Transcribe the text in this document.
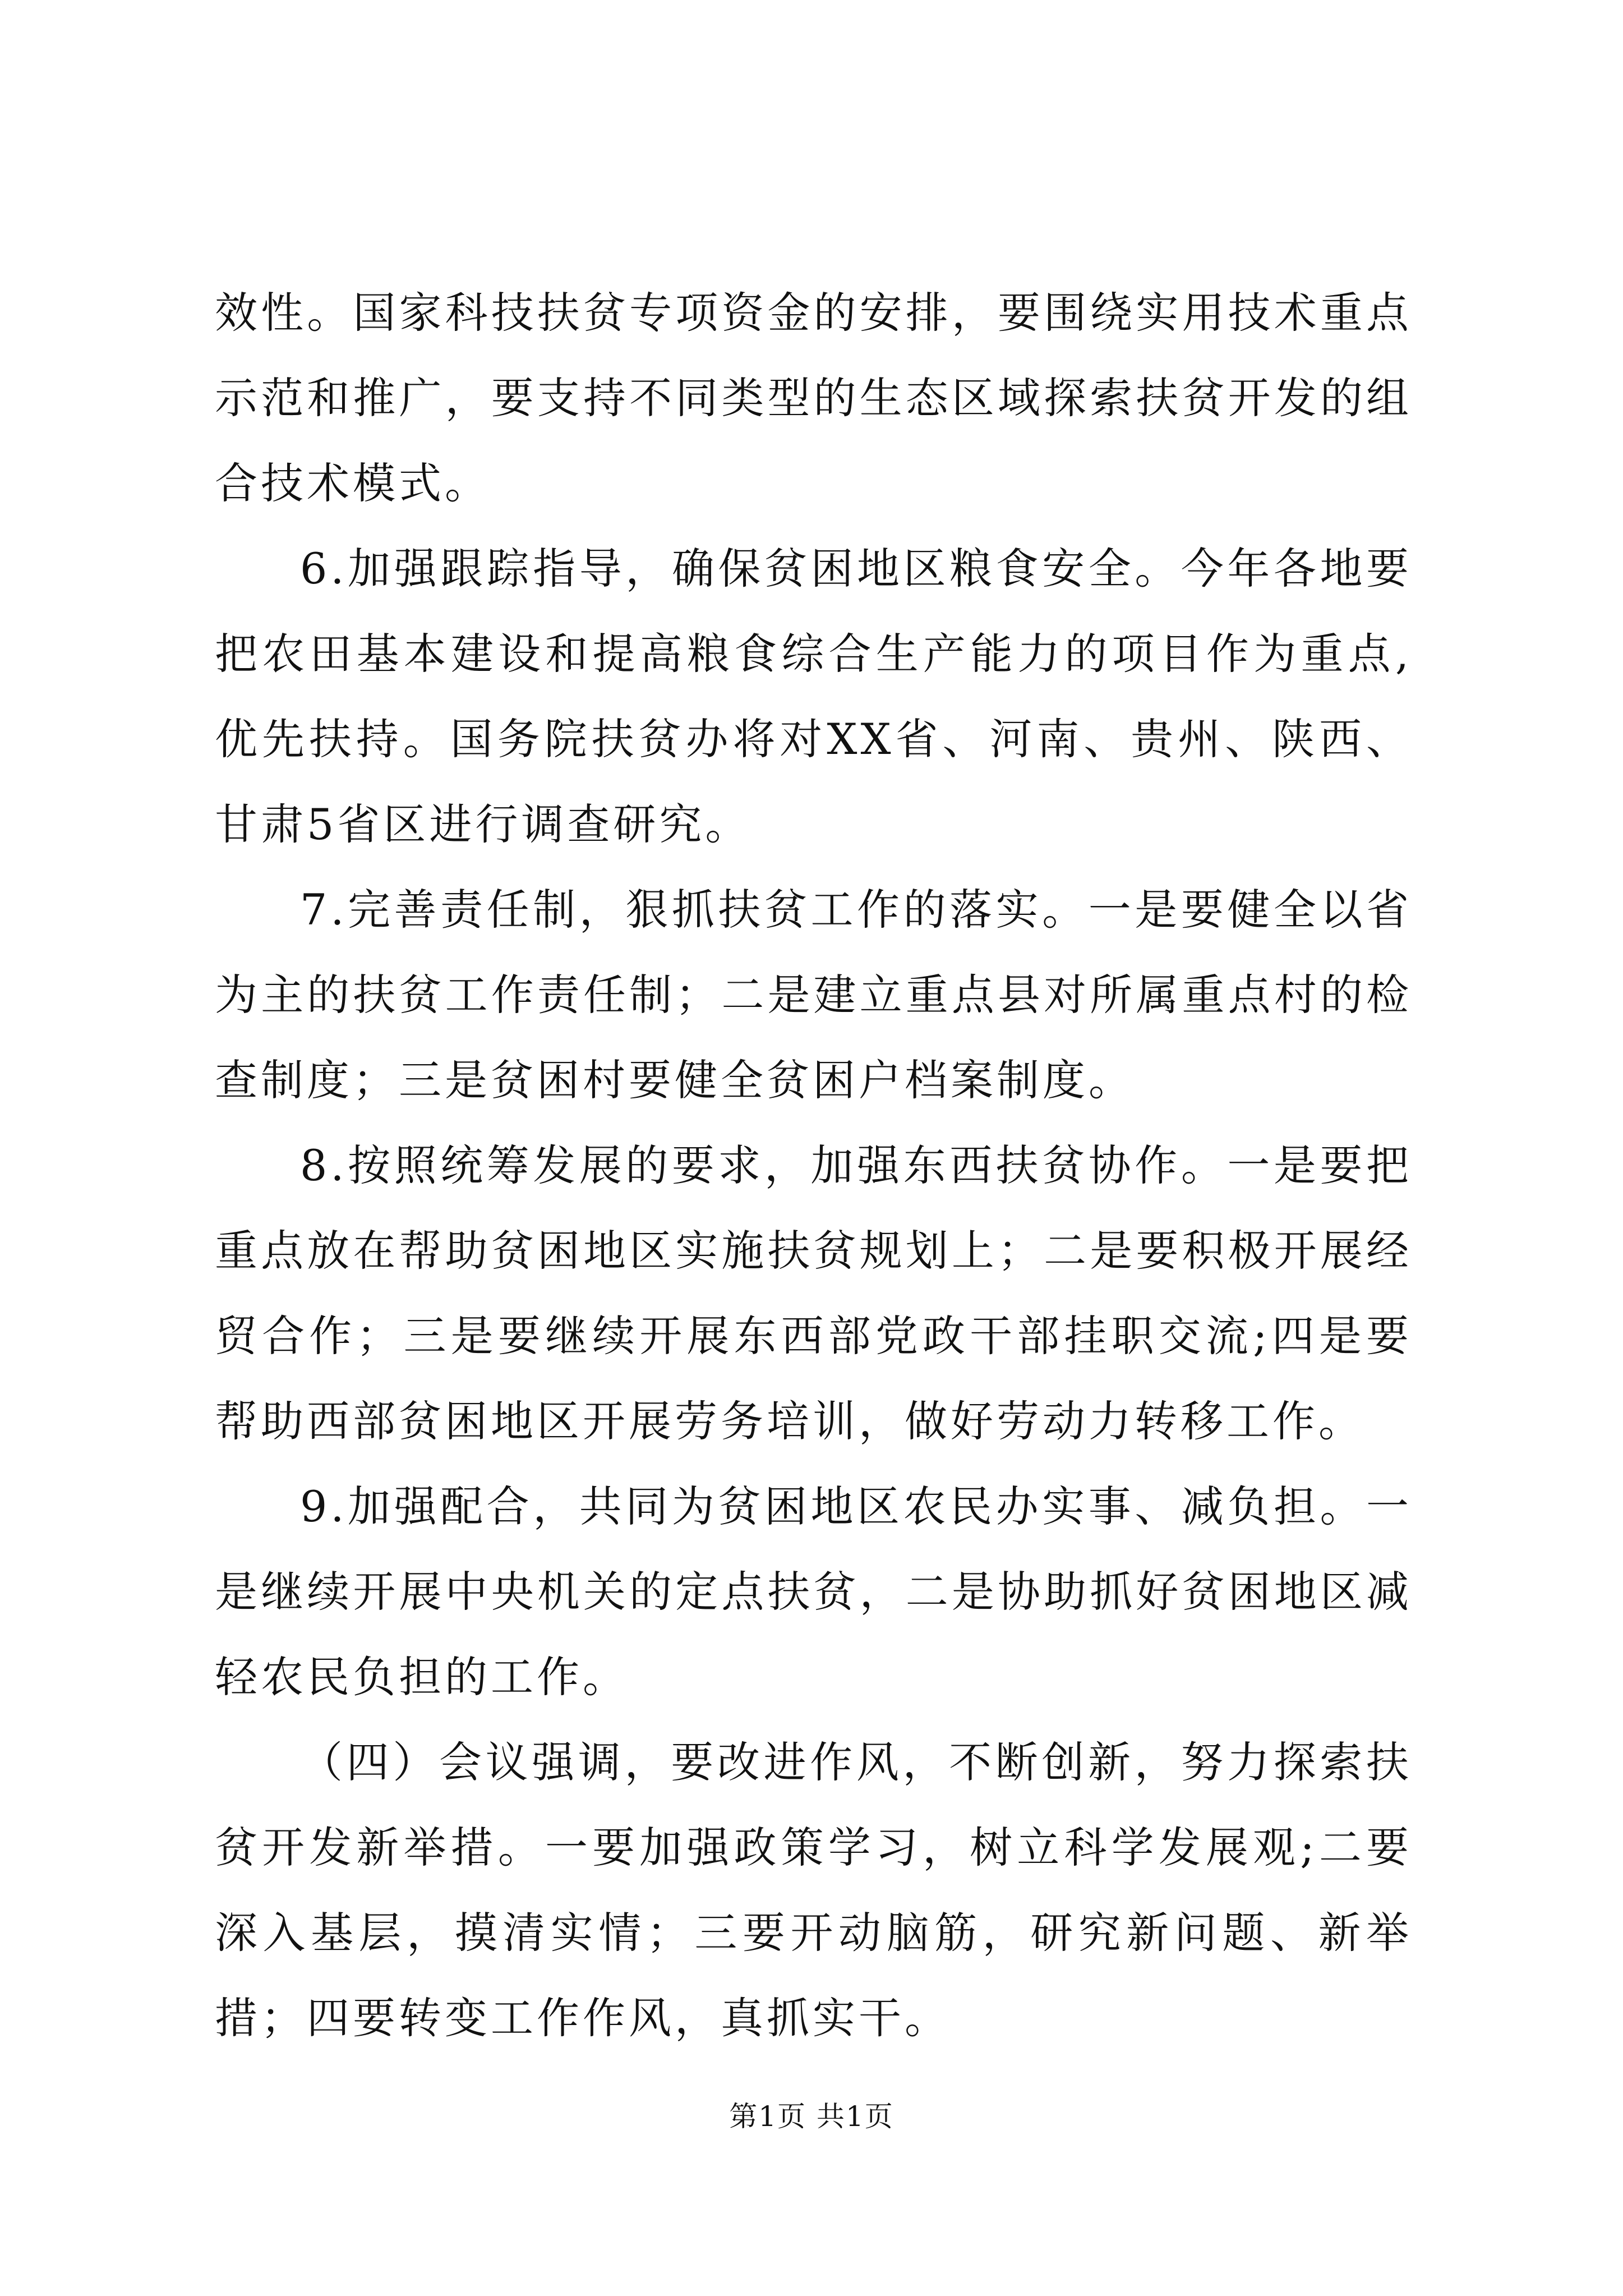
效性。国家科技扶贫专项资金的安排，要围绕实用技术重点示范和推广，要支持不同类型的生态区域探索扶贫开发的组合技术模式。

6.加强跟踪指导，确保贫困地区粮食安全。今年各地要把农田基本建设和提高粮食综合生产能力的项目作为重点,优先扶持。国务院扶贫办将对XX省、河南、贵州、陕西、甘肃5省区进行调查研究。

7.完善责任制，狠抓扶贫工作的落实。一是要健全以省为主的扶贫工作责任制；二是建立重点县对所属重点村的检查制度；三是贫困村要健全贫困户档案制度。

8.按照统筹发展的要求，加强东西扶贫协作。一是要把重点放在帮助贫困地区实施扶贫规划上；二是要积极开展经贸合作；三是要继续开展东西部党政干部挂职交流;四是要帮助西部贫困地区开展劳务培训，做好劳动力转移工作。

9.加强配合，共同为贫困地区农民办实事、减负担。一是继续开展中央机关的定点扶贫，二是协助抓好贫困地区减轻农民负担的工作。

（四）会议强调，要改进作风，不断创新，努力探索扶贫开发新举措。一要加强政策学习，树立科学发展观;二要深入基层，摸清实情；三要开动脑筋，研究新问题、新举措；四要转变工作作风，真抓实干。

第1页 共1页
